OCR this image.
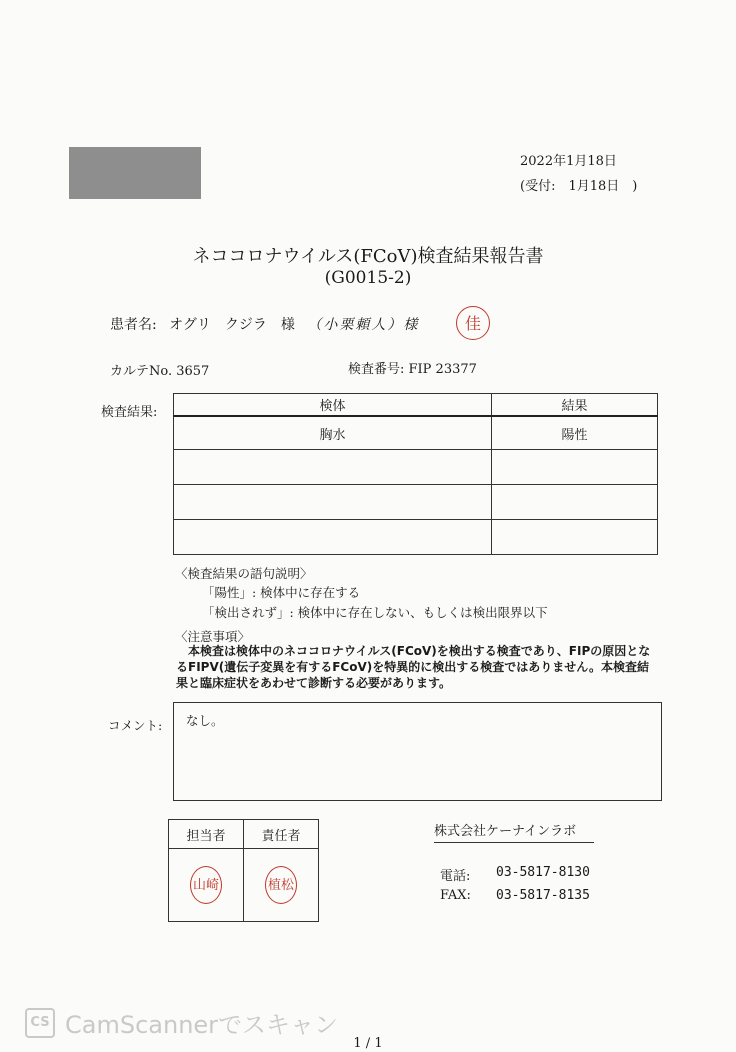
2022年1月18日
(受付:　1月18日　)
ネココロナウイルス(FCoV)検査結果報告書
(G0015-2)
患者名: オグリ　クジラ　様 （小栗頼人）様	佳
カルテNo. 3657	検査番号: FIP 23377
検査結果:	検体	結果
胸水	陽性

〈検査結果の語句説明〉
「陽性」: 検体中に存在する
「検出されず」: 検体中に存在しない、もしくは検出限界以下
〈注意事項〉
本検査は検体中のネココロナウイルス(FCoV)を検出する検査であり、FIPの原因となるFIPV(遺伝子変異を有するFCoV)を特異的に検出する検査ではありません。本検査結果と臨床症状をあわせて診断する必要があります。
コメント: なし。
担当者	責任者

山崎	植松
株式会社ケーナインラボ
電話: 03-5817-8130
FAX: 03-5817-8135
CS CamScannerでスキャン
1 / 1
